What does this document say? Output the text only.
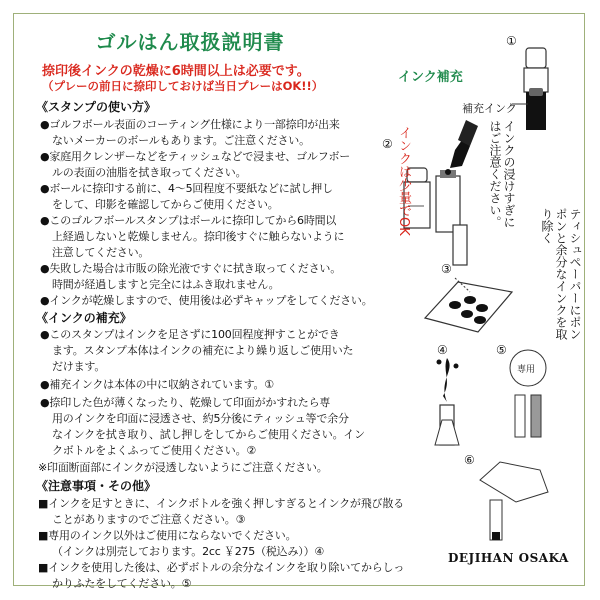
ゴルはん取扱説明書
捺印後インクの乾燥に6時間以上は必要です。
（プレーの前日に捺印しておけば当日プレーはOK!!）
《スタンプの使い方》
●ゴルフボール表面のコーティング仕様により一部捺印が出来
ないメーカーのボールもあります。ご注意ください。
●家庭用クレンザーなどをティッシュなどで浸ませ、ゴルフボー
ルの表面の油脂を拭き取ってください。
●ボールに捺印する前に、4～5回程度不要紙などに試し押し
をして、印影を確認してからご使用ください。
●このゴルフボールスタンプはボールに捺印してから6時間以
上経過しないと乾燥しません。捺印後すぐに触らないように
注意してください。
●失敗した場合は市販の除光液ですぐに拭き取ってください。
時間が経過しますと完全にはふき取れません。
●インクが乾燥しますので、使用後は必ずキャップをしてください。
《インクの補充》
●このスタンプはインクを足さずに100回程度押すことができ
ます。スタンプ本体はインクの補充により繰り返しご使用いた
だけます。
●補充インクは本体の中に収納されています。①
●捺印した色が薄くなったり、乾燥して印面がかすれたら専
用のインクを印面に浸透させ、約5分後にティッシュ等で余分
なインクを拭き取り、試し押しをしてからご使用ください。イン
クボトルをよくふってご使用ください。②
※印面断面部にインクが浸透しないようにご注意ください。
《注意事項・その他》
■インクを足すときに、インクボトルを強く押しすぎるとインクが飛び散る
ことがありますのでご注意ください。③
■専用のインク以外はご使用にならないでください。
（インクは別売しております。2cc ￥275（税込み））④
■インクを使用した後は、必ずボトルの余分なインクを取り除いてからしっ
かりふたをしてください。⑤
DEJIHAN OSAKA
インク補充
補充インク
インクは少量でOK	インクの浸けすぎにはご注意ください。
ティシュペーパーにポンポンと余分なインクを取り除く
専用
①
②
③
④	⑤
⑥
